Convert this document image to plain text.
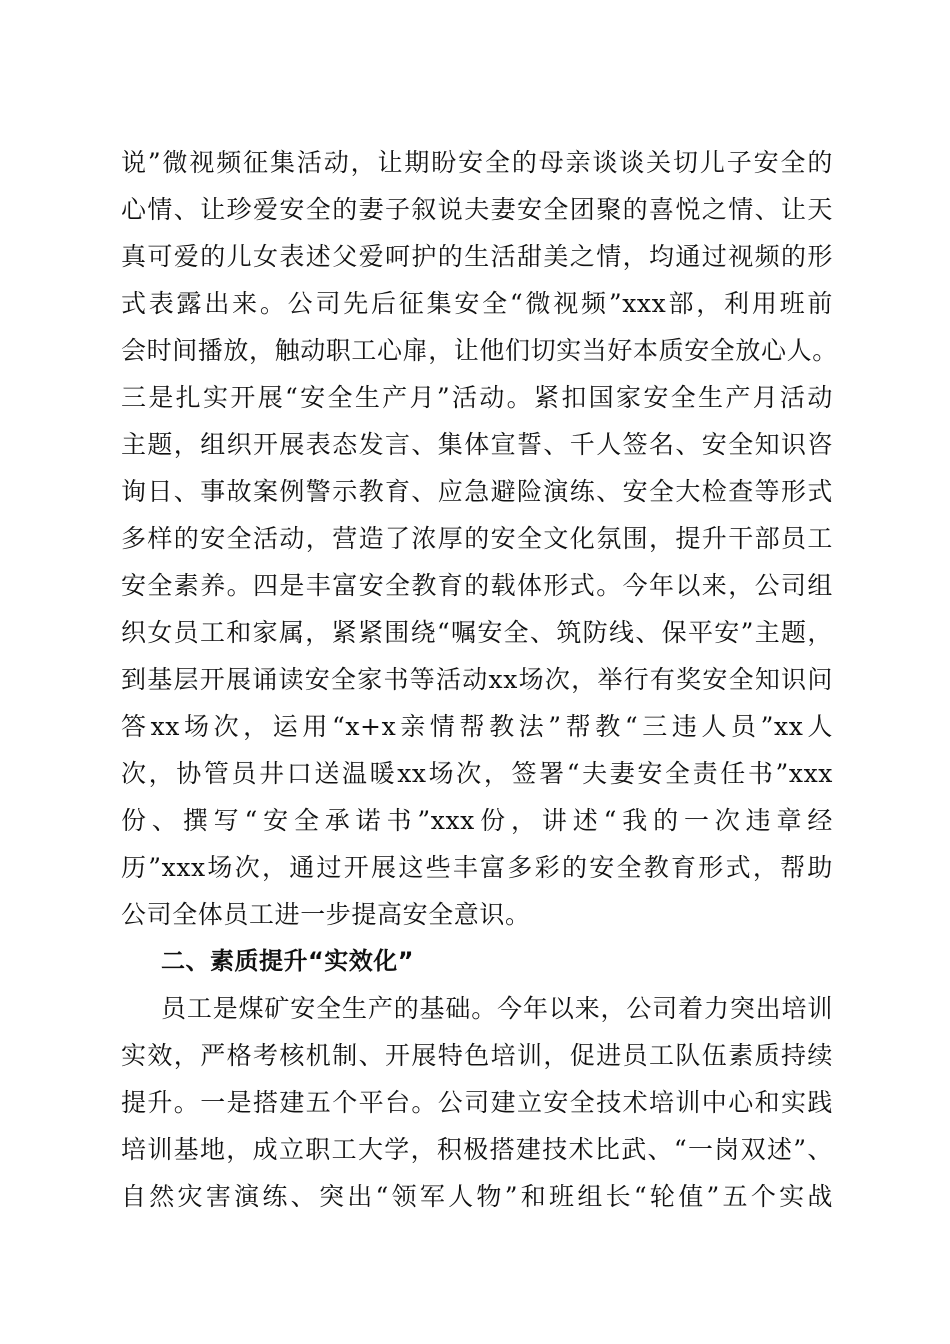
说”微视频征集活动，让期盼安全的母亲谈谈关切儿子安全的
心情、让珍爱安全的妻子叙说夫妻安全团聚的喜悦之情、让天
真可爱的儿女表述父爱呵护的生活甜美之情，均通过视频的形
式表露出来。公司先后征集安全“微视频”xxx部，利用班前
会时间播放，触动职工心扉，让他们切实当好本质安全放心人。
三是扎实开展“安全生产月”活动。紧扣国家安全生产月活动
主题，组织开展表态发言、集体宣誓、千人签名、安全知识咨
询日、事故案例警示教育、应急避险演练、安全大检查等形式
多样的安全活动，营造了浓厚的安全文化氛围，提升干部员工
安全素养。四是丰富安全教育的载体形式。今年以来，公司组
织女员工和家属，紧紧围绕“嘱安全、筑防线、保平安”主题，
到基层开展诵读安全家书等活动xx场次，举行有奖安全知识问
答xx场次，运用“x+x亲情帮教法”帮教“三违人员”xx人
次，协管员井口送温暖xx场次，签署“夫妻安全责任书”xxx
份、撰写“安全承诺书”xxx份，讲述“我的一次违章经
历”xxx场次，通过开展这些丰富多彩的安全教育形式，帮助
公司全体员工进一步提高安全意识。
二、素质提升“实效化”
员工是煤矿安全生产的基础。今年以来，公司着力突出培训
实效，严格考核机制、开展特色培训，促进员工队伍素质持续
提升。一是搭建五个平台。公司建立安全技术培训中心和实践
培训基地，成立职工大学，积极搭建技术比武、“一岗双述”、
自然灾害演练、突出“领军人物”和班组长“轮值”五个实战
